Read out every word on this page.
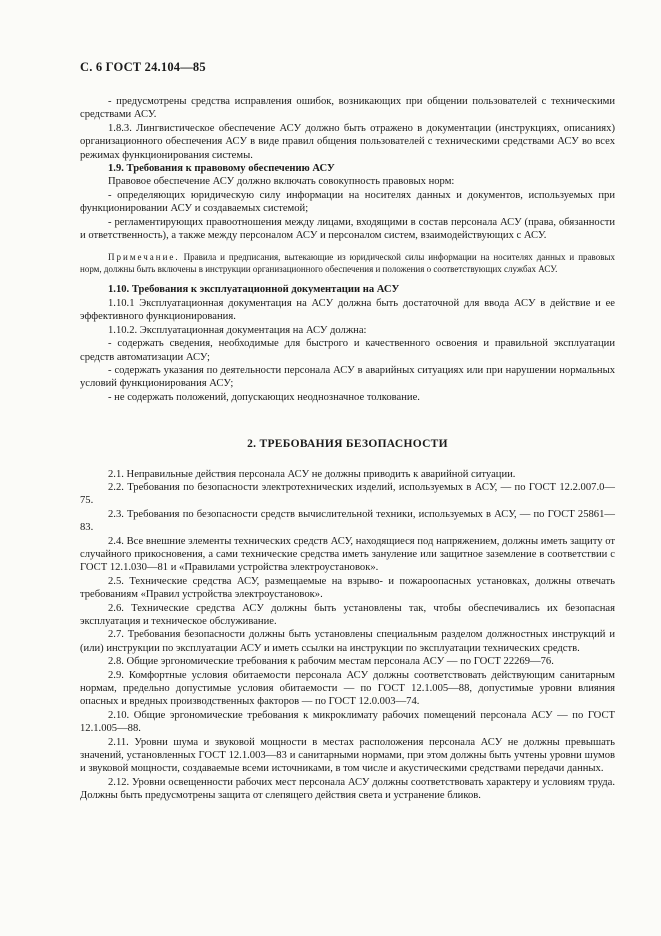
С. 6 ГОСТ 24.104—85

- предусмотрены средства исправления ошибок, возникающих при общении пользователей с техническими средствами АСУ.

1.8.3. Лингвистическое обеспечение АСУ должно быть отражено в документации (инструкциях, описаниях) организационного обеспечения АСУ в виде правил общения пользователей с техническими средствами АСУ во всех режимах функционирования системы.

1.9. Требования к правовому обеспечению АСУ

Правовое обеспечение АСУ должно включать совокупность правовых норм:

- определяющих юридическую силу информации на носителях данных и документов, используемых при функционировании АСУ и создаваемых системой;

- регламентирующих правоотношения между лицами, входящими в состав персонала АСУ (права, обязанности и ответственность), а также между персоналом АСУ и персоналом систем, взаимодействующих с АСУ.

Примечание. Правила и предписания, вытекающие из юридической силы информации на носителях данных и правовых норм, должны быть включены в инструкции организационного обеспечения и положения о соответствующих службах АСУ.

1.10. Требования к эксплуатационной документации на АСУ

1.10.1 Эксплуатационная документация на АСУ должна быть достаточной для ввода АСУ в действие и ее эффективного функционирования.

1.10.2. Эксплуатационная документация на АСУ должна:

- содержать сведения, необходимые для быстрого и качественного освоения и правильной эксплуатации средств автоматизации АСУ;

- содержать указания по деятельности персонала АСУ в аварийных ситуациях или при нарушении нормальных условий функционирования АСУ;

- не содержать положений, допускающих неоднозначное толкование.

2. ТРЕБОВАНИЯ БЕЗОПАСНОСТИ

2.1. Неправильные действия персонала АСУ не должны приводить к аварийной ситуации.

2.2. Требования по безопасности электротехнических изделий, используемых в АСУ, — по ГОСТ 12.2.007.0—75.

2.3. Требования по безопасности средств вычислительной техники, используемых в АСУ, — по ГОСТ 25861—83.

2.4. Все внешние элементы технических средств АСУ, находящиеся под напряжением, должны иметь защиту от случайного прикосновения, а сами технические средства иметь зануление или защитное заземление в соответствии с ГОСТ 12.1.030—81 и «Правилами устройства электроустановок».

2.5. Технические средства АСУ, размещаемые на взрыво- и пожароопасных установках, должны отвечать требованиям «Правил устройства электроустановок».

2.6. Технические средства АСУ должны быть установлены так, чтобы обеспечивались их безопасная эксплуатация и техническое обслуживание.

2.7. Требования безопасности должны быть установлены специальным разделом должностных инструкций и (или) инструкции по эксплуатации АСУ и иметь ссылки на инструкции по эксплуатации технических средств.

2.8. Общие эргономические требования к рабочим местам персонала АСУ — по ГОСТ 22269—76.

2.9. Комфортные условия обитаемости персонала АСУ должны соответствовать действующим санитарным нормам, предельно допустимые условия обитаемости — по ГОСТ 12.1.005—88, допустимые уровни влияния опасных и вредных производственных факторов — по ГОСТ 12.0.003—74.

2.10. Общие эргономические требования к микроклимату рабочих помещений персонала АСУ — по ГОСТ 12.1.005—88.

2.11. Уровни шума и звуковой мощности в местах расположения персонала АСУ не должны превышать значений, установленных ГОСТ 12.1.003—83 и санитарными нормами, при этом должны быть учтены уровни шумов и звуковой мощности, создаваемые всеми источниками, в том числе и акустическими средствами передачи данных.

2.12. Уровни освещенности рабочих мест персонала АСУ должны соответствовать характеру и условиям труда. Должны быть предусмотрены защита от слепящего действия света и устранение бликов.
